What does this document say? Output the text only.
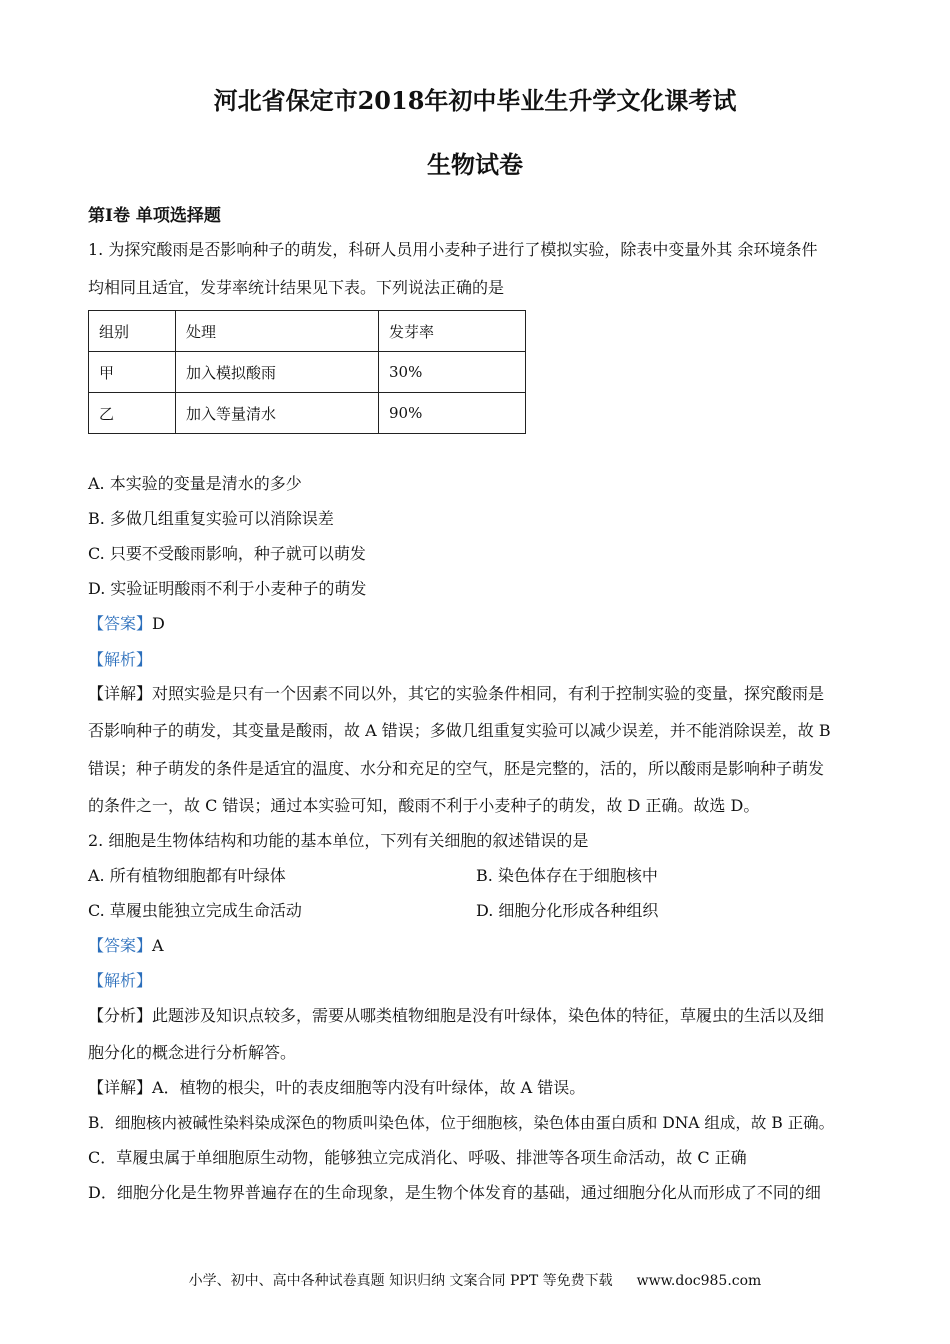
河北省保定市2018年初中毕业生升学文化课考试
生物试卷
第Ⅰ卷 单项选择题
1. 为探究酸雨是否影响种子的萌发，科研人员用小麦种子进行了模拟实验，除表中变量外其 余环境条件
均相同且适宜，发芽率统计结果见下表。下列说法正确的是
组别	处理	发芽率
甲	加入模拟酸雨	30%
乙	加入等量清水	90%
A. 本实验的变量是清水的多少
B. 多做几组重复实验可以消除误差
C. 只要不受酸雨影响，种子就可以萌发
D. 实验证明酸雨不利于小麦种子的萌发
【答案】D
【解析】
【详解】对照实验是只有一个因素不同以外，其它的实验条件相同，有利于控制实验的变量，探究酸雨是
否影响种子的萌发，其变量是酸雨，故 A 错误；多做几组重复实验可以减少误差，并不能消除误差，故 B
错误；种子萌发的条件是适宜的温度、水分和充足的空气，胚是完整的，活的，所以酸雨是影响种子萌发
的条件之一，故 C 错误；通过本实验可知，酸雨不利于小麦种子的萌发，故 D 正确。故选 D。
2. 细胞是生物体结构和功能的基本单位，下列有关细胞的叙述错误的是
A. 所有植物细胞都有叶绿体	B. 染色体存在于细胞核中
C. 草履虫能独立完成生命活动	D. 细胞分化形成各种组织
【答案】A
【解析】
【分析】此题涉及知识点较多，需要从哪类植物细胞是没有叶绿体，染色体的特征，草履虫的生活以及细
胞分化的概念进行分析解答。
【详解】A．植物的根尖，叶的表皮细胞等内没有叶绿体，故 A 错误。
B．细胞核内被碱性染料染成深色的物质叫染色体，位于细胞核，染色体由蛋白质和 DNA 组成，故 B 正确。
C．草履虫属于单细胞原生动物，能够独立完成消化、呼吸、排泄等各项生命活动，故 C 正确
D．细胞分化是生物界普遍存在的生命现象，是生物个体发育的基础，通过细胞分化从而形成了不同的细
小学、初中、高中各种试卷真题 知识归纳 文案合同 PPT 等免费下载 www.doc985.com
